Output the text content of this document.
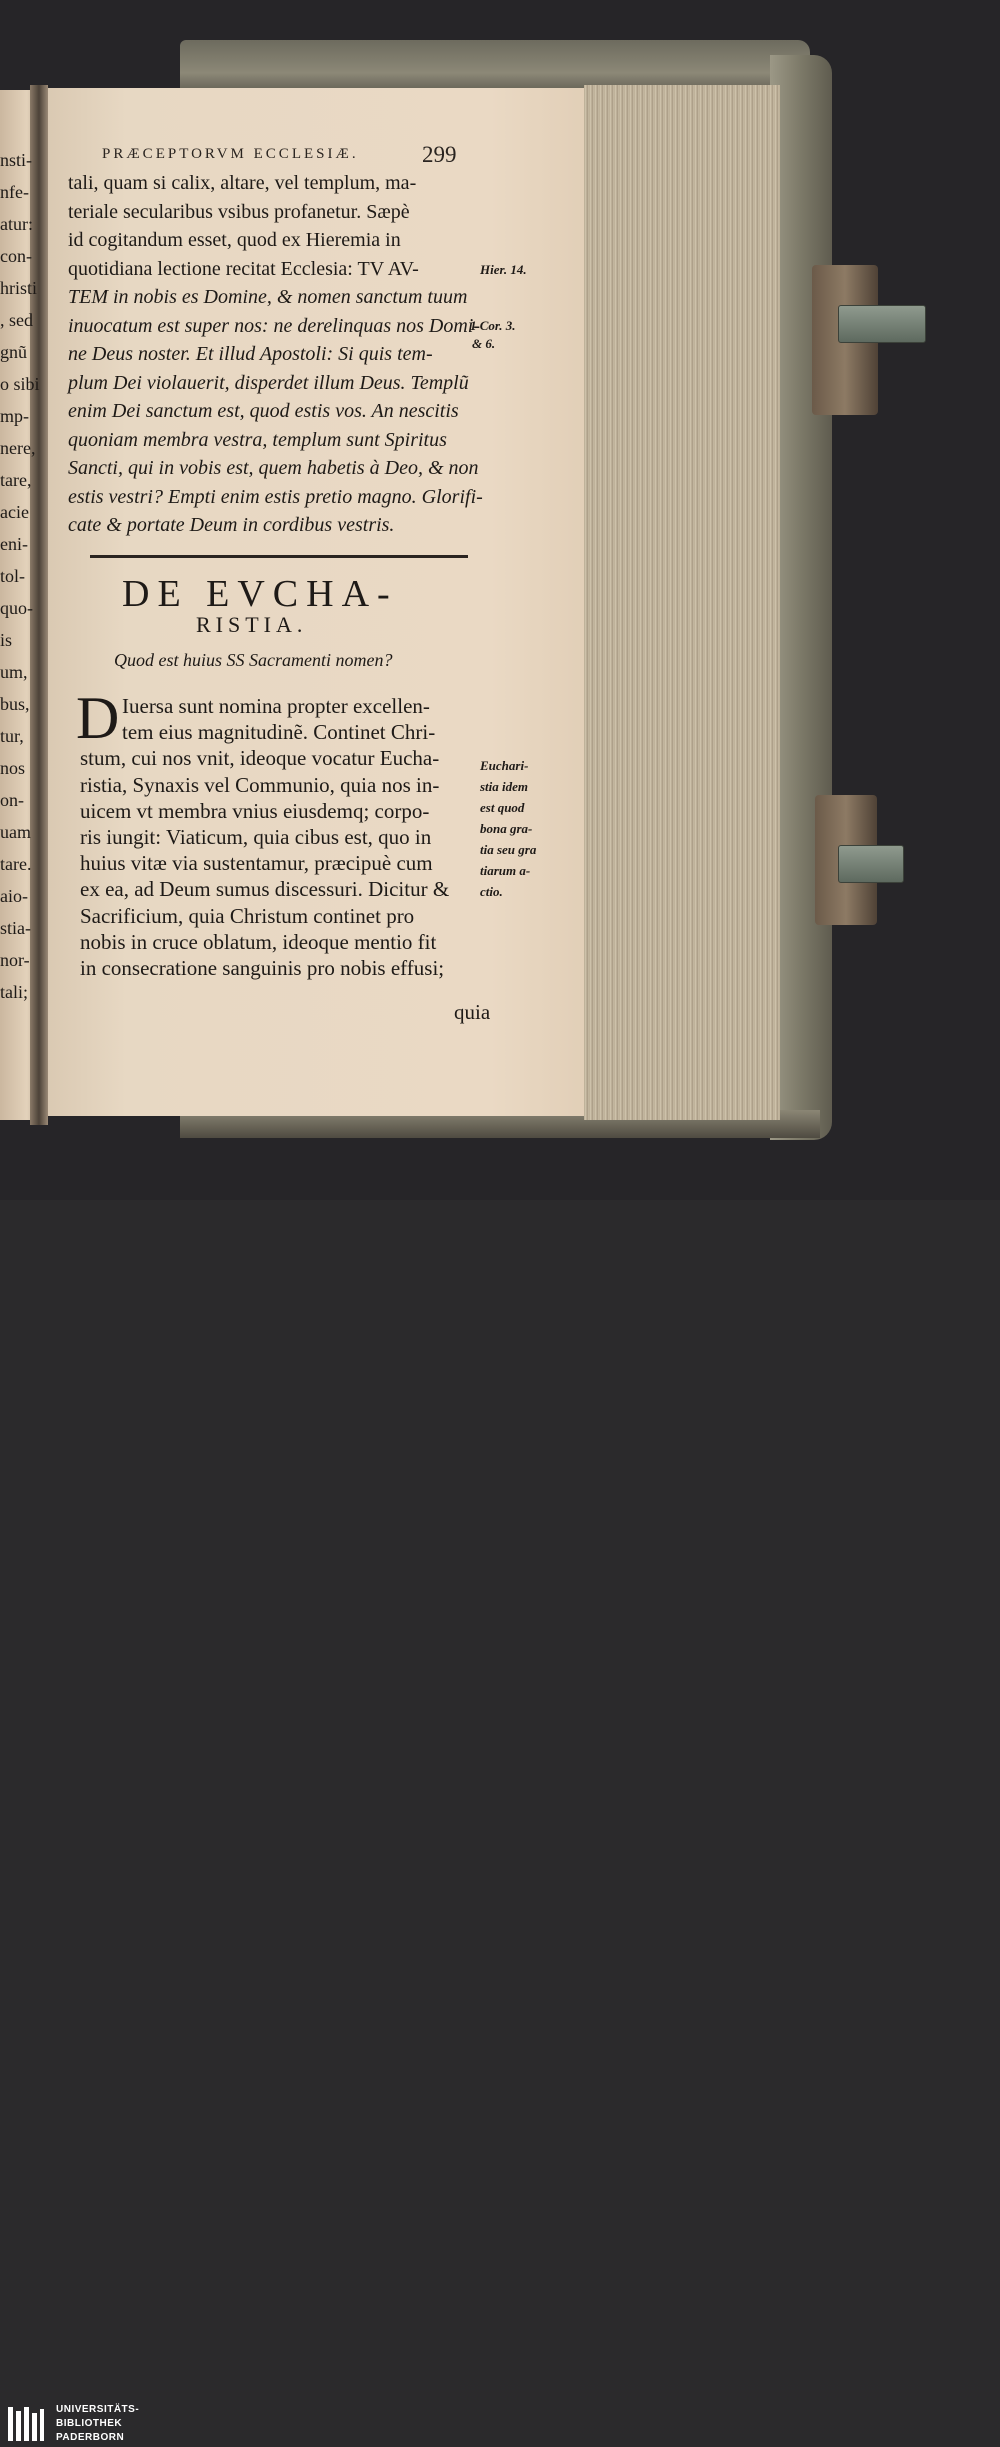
nsti-
nfe-
atur:
con-
hristi
, sed
gnũ
o sibi
mp-
nere,
tare,
acie
eni-
tol-
quo-
is
um,
bus,
tur,
nos
on-
uam
tare.
aio-
stia-
nor-
tali;
PRÆCEPTORVM ECCLESIÆ.	299
tali, quam si calix, altare, vel templum, ma-
teriale secularibus vsibus profanetur. Sæpè
id cogitandum esset, quod ex Hieremia in
quotidiana lectione recitat Ecclesia: TV AV-
TEM in nobis es Domine, & nomen sanctum tuum
inuocatum est super nos: ne derelinquas nos Domi-
ne Deus noster. Et illud Apostoli: Si quis tem-
plum Dei violauerit, disperdet illum Deus. Templũ
enim Dei sanctum est, quod estis vos. An nescitis
quoniam membra vestra, templum sunt Spiritus
Sancti, qui in vobis est, quem habetis à Deo, & non
estis vestri? Empti enim estis pretio magno. Glorifi-
cate & portate Deum in cordibus vestris.
Hier. 14.
1 Cor. 3.
& 6.
DE EVCHA-
RISTIA.
Quod est huius SS Sacramenti nomen?
D Iuersa sunt nomina propter excellen-
tem eius magnitudinẽ. Continet Chri-
stum, cui nos vnit, ideoque vocatur Eucha-
ristia, Synaxis vel Communio, quia nos in-
uicem vt membra vnius eiusdemq; corpo-
ris iungit: Viaticum, quia cibus est, quo in
huius vitæ via sustentamur, præcipuè cum
ex ea, ad Deum sumus discessuri. Dicitur &
Sacrificium, quia Christum continet pro
nobis in cruce oblatum, ideoque mentio fit
in consecratione sanguinis pro nobis effusi;
Euchari-
stia idem
est quod
bona gra-
tia seu gra
tiarum a-
ctio.
quia
UNIVERSITÄTS-
BIBLIOTHEK
PADERBORN
